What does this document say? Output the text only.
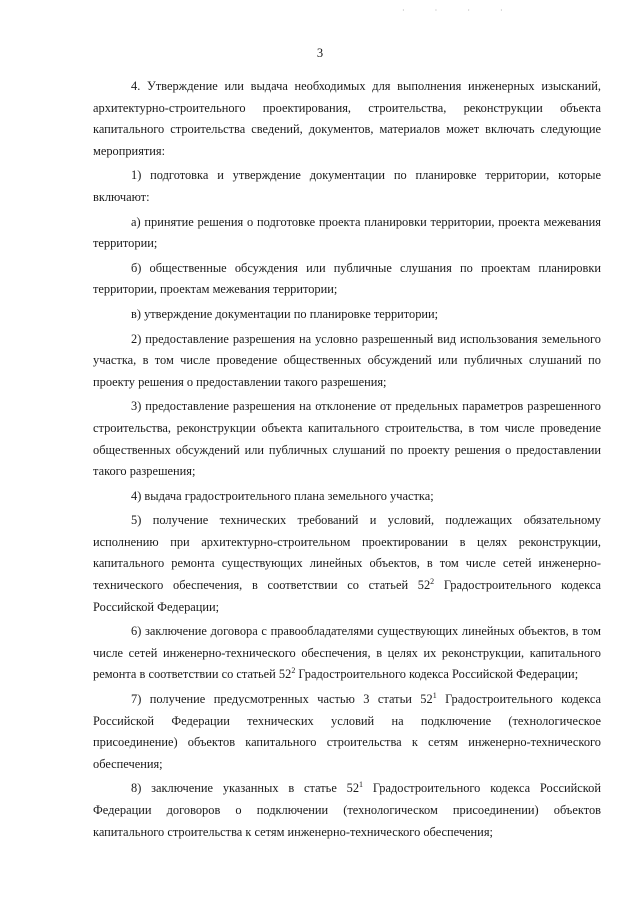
· · · ·
3

4. Утверждение или выдача необходимых для выполнения инженерных изысканий, архитектурно-строительного проектирования, строительства, реконструкции объекта капитального строительства сведений, документов, материалов может включать следующие мероприятия:

1) подготовка и утверждение документации по планировке территории, которые включают:

а) принятие решения о подготовке проекта планировки территории, проекта межевания территории;

б) общественные обсуждения или публичные слушания по проектам планировки территории, проектам межевания территории;

в) утверждение документации по планировке территории;

2) предоставление разрешения на условно разрешенный вид использования земельного участка, в том числе проведение общественных обсуждений или публичных слушаний по проекту решения о предоставлении такого разрешения;

3) предоставление разрешения на отклонение от предельных параметров разрешенного строительства, реконструкции объекта капитального строительства, в том числе проведение общественных обсуждений или публичных слушаний по проекту решения о предоставлении такого разрешения;

4) выдача градостроительного плана земельного участка;

5) получение технических требований и условий, подлежащих обязательному исполнению при архитектурно-строительном проектировании в целях реконструкции, капитального ремонта существующих линейных объектов, в том числе сетей инженерно-технического обеспечения, в соответствии со статьей $52^2$ Градостроительного кодекса Российской Федерации;

6) заключение договора с правообладателями существующих линейных объектов, в том числе сетей инженерно-технического обеспечения, в целях их реконструкции, капитального ремонта в соответствии со статьей $52^2$ Градостроительного кодекса Российской Федерации;

7) получение предусмотренных частью 3 статьи $52^1$ Градостроительного кодекса Российской Федерации технических условий на подключение (технологическое присоединение) объектов капитального строительства к сетям инженерно-технического обеспечения;

8) заключение указанных в статье $52^1$ Градостроительного кодекса Российской Федерации договоров о подключении (технологическом присоединении) объектов капитального строительства к сетям инженерно-технического обеспечения;
